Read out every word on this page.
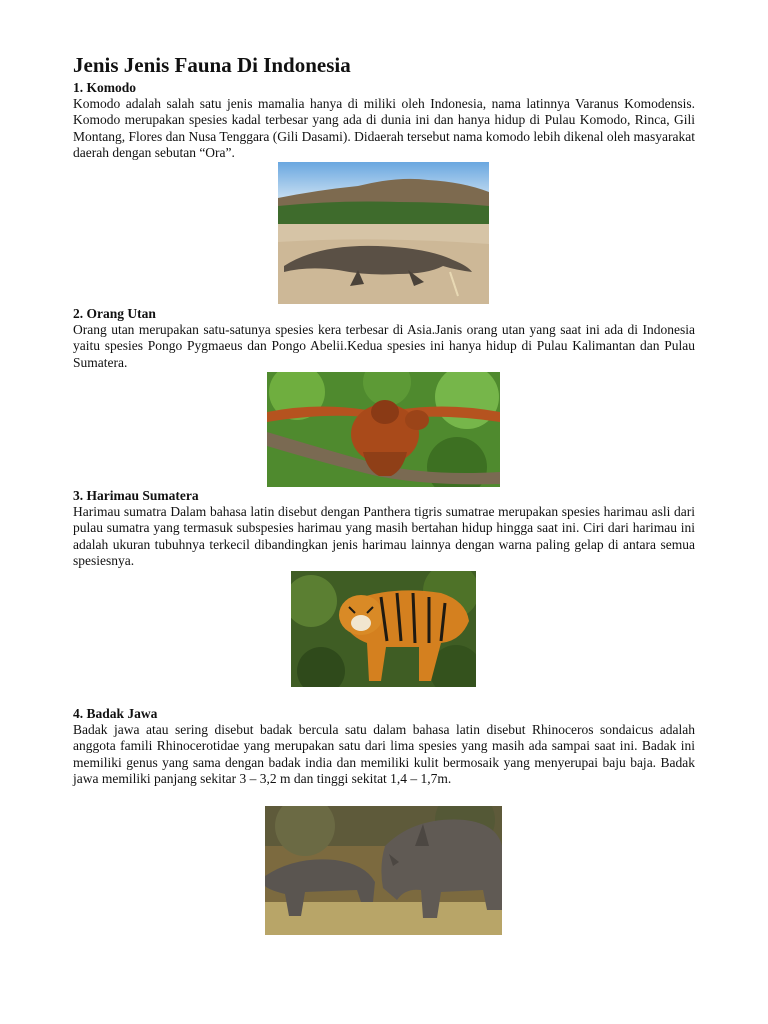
Jenis Jenis Fauna Di Indonesia
1. Komodo
Komodo adalah salah satu jenis mamalia hanya di miliki oleh Indonesia, nama latinnya Varanus Komodensis. Komodo merupakan spesies kadal terbesar yang ada di dunia ini dan hanya hidup di Pulau Komodo, Rinca, Gili Montang, Flores dan Nusa Tenggara (Gili Dasami). Didaerah tersebut nama komodo lebih dikenal oleh masyarakat daerah dengan sebutan “Ora”.
2. Orang Utan
Orang utan merupakan satu-satunya spesies kera terbesar di Asia.Janis orang utan yang saat ini ada di Indonesia yaitu spesies Pongo Pygmaeus dan Pongo Abelii.Kedua spesies ini hanya hidup di Pulau Kalimantan dan Pulau Sumatera.
3. Harimau Sumatera
Harimau sumatra Dalam bahasa latin disebut dengan Panthera tigris sumatrae merupakan spesies harimau asli dari pulau sumatra yang termasuk subspesies harimau yang masih bertahan hidup hingga saat ini. Ciri dari harimau ini adalah ukuran tubuhnya terkecil dibandingkan jenis harimau lainnya dengan warna paling gelap di antara semua spesiesnya.
4. Badak Jawa
Badak jawa atau sering disebut badak bercula satu dalam bahasa latin disebut Rhinoceros sondaicus adalah anggota famili Rhinocerotidae yang merupakan satu dari lima spesies yang masih ada sampai saat ini. Badak ini memiliki genus yang sama dengan badak india dan memiliki kulit bermosaik yang menyerupai baju baja. Badak jawa memiliki panjang sekitar 3 – 3,2 m dan tinggi sekitat 1,4 – 1,7m.
